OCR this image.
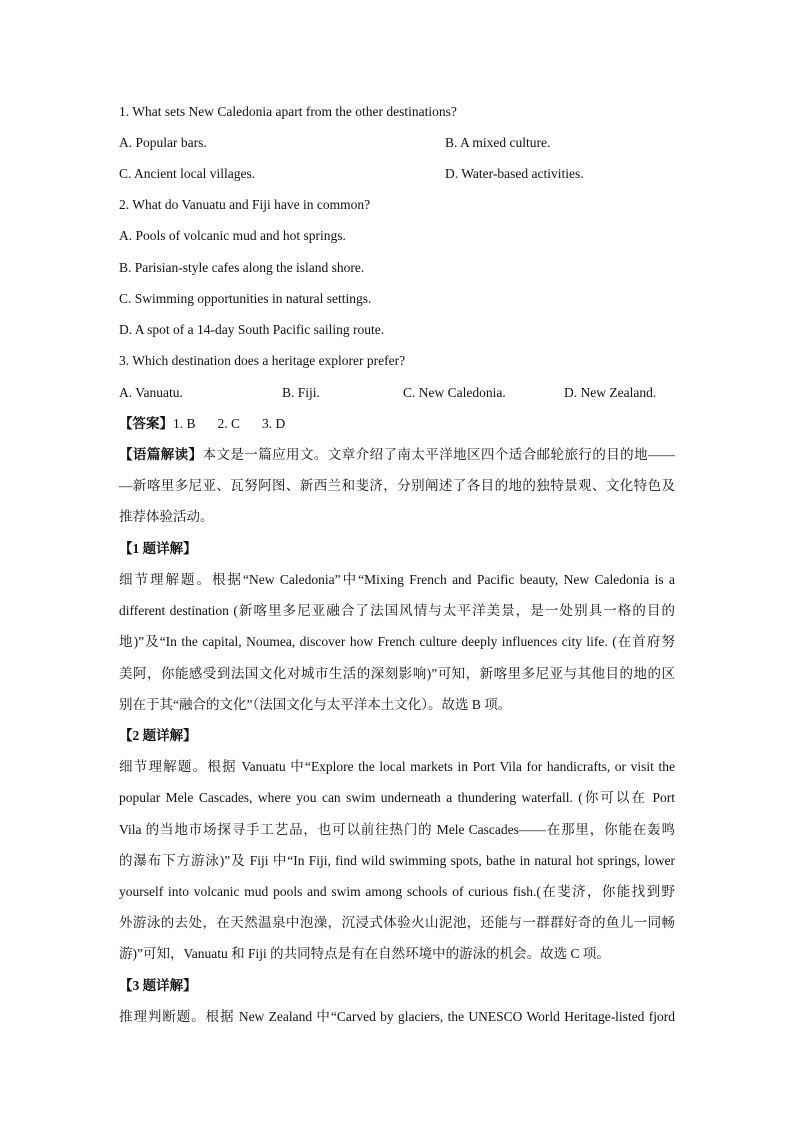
1. What sets New Caledonia apart from the other destinations?
A. Popular bars.	B. A mixed culture.
C. Ancient local villages.	D. Water-based activities.
2. What do Vanuatu and Fiji have in common?
A. Pools of volcanic mud and hot springs.
B. Parisian-style cafes along the island shore.
C. Swimming opportunities in natural settings.
D. A spot of a 14-day South Pacific sailing route.
3. Which destination does a heritage explorer prefer?
A. Vanuatu.	B. Fiji.	C. New Caledonia.	D. New Zealand.
【答案】1. B 2. C 3. D
【语篇解读】本文是一篇应用文。文章介绍了南太平洋地区四个适合邮轮旅行的目的地——
—新喀里多尼亚、瓦努阿图、新西兰和斐济，分别阐述了各目的地的独特景观、文化特色及
推荐体验活动。
【1 题详解】
细节理解题。根据“New Caledonia”中“Mixing French and Pacific beauty, New Caledonia is a
different destination (新喀里多尼亚融合了法国风情与太平洋美景，是一处别具一格的目的
地)”及“In the capital, Noumea, discover how French culture deeply influences city life. (在首府努
美阿，你能感受到法国文化对城市生活的深刻影响)”可知，新喀里多尼亚与其他目的地的区
别在于其“融合的文化”（法国文化与太平洋本土文化）。故选 B 项。
【2 题详解】
细节理解题。根据 Vanuatu 中“Explore the local markets in Port Vila for handicrafts, or visit the
popular Mele Cascades, where you can swim underneath a thundering waterfall. (你可以在 Port
Vila 的当地市场探寻手工艺品，也可以前往热门的 Mele Cascades——在那里，你能在轰鸣
的瀑布下方游泳)”及 Fiji 中“In Fiji, find wild swimming spots, bathe in natural hot springs, lower
yourself into volcanic mud pools and swim among schools of curious fish.(在斐济，你能找到野
外游泳的去处，在天然温泉中泡澡，沉浸式体验火山泥池，还能与一群群好奇的鱼儿一同畅
游)”可知，Vanuatu 和 Fiji 的共同特点是有在自然环境中的游泳的机会。故选 C 项。
【3 题详解】
推理判断题。根据 New Zealand 中“Carved by glaciers, the UNESCO World Heritage-listed fjord
